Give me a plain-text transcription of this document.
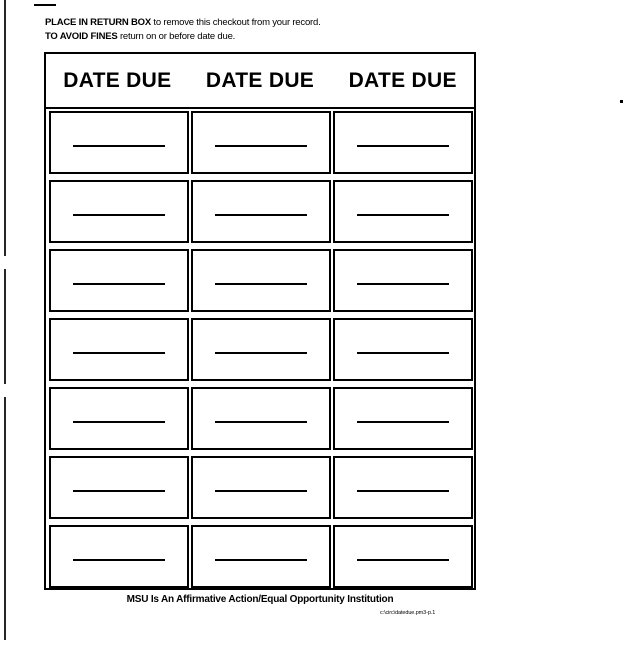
PLACE IN RETURN BOX to remove this checkout from your record.
TO AVOID FINES return on or before date due.
DATE DUE	DATE DUE	DATE DUE
MSU Is An Affirmative Action/Equal Opportunity Institution
c:\circ\datedue.pm3-p.1
